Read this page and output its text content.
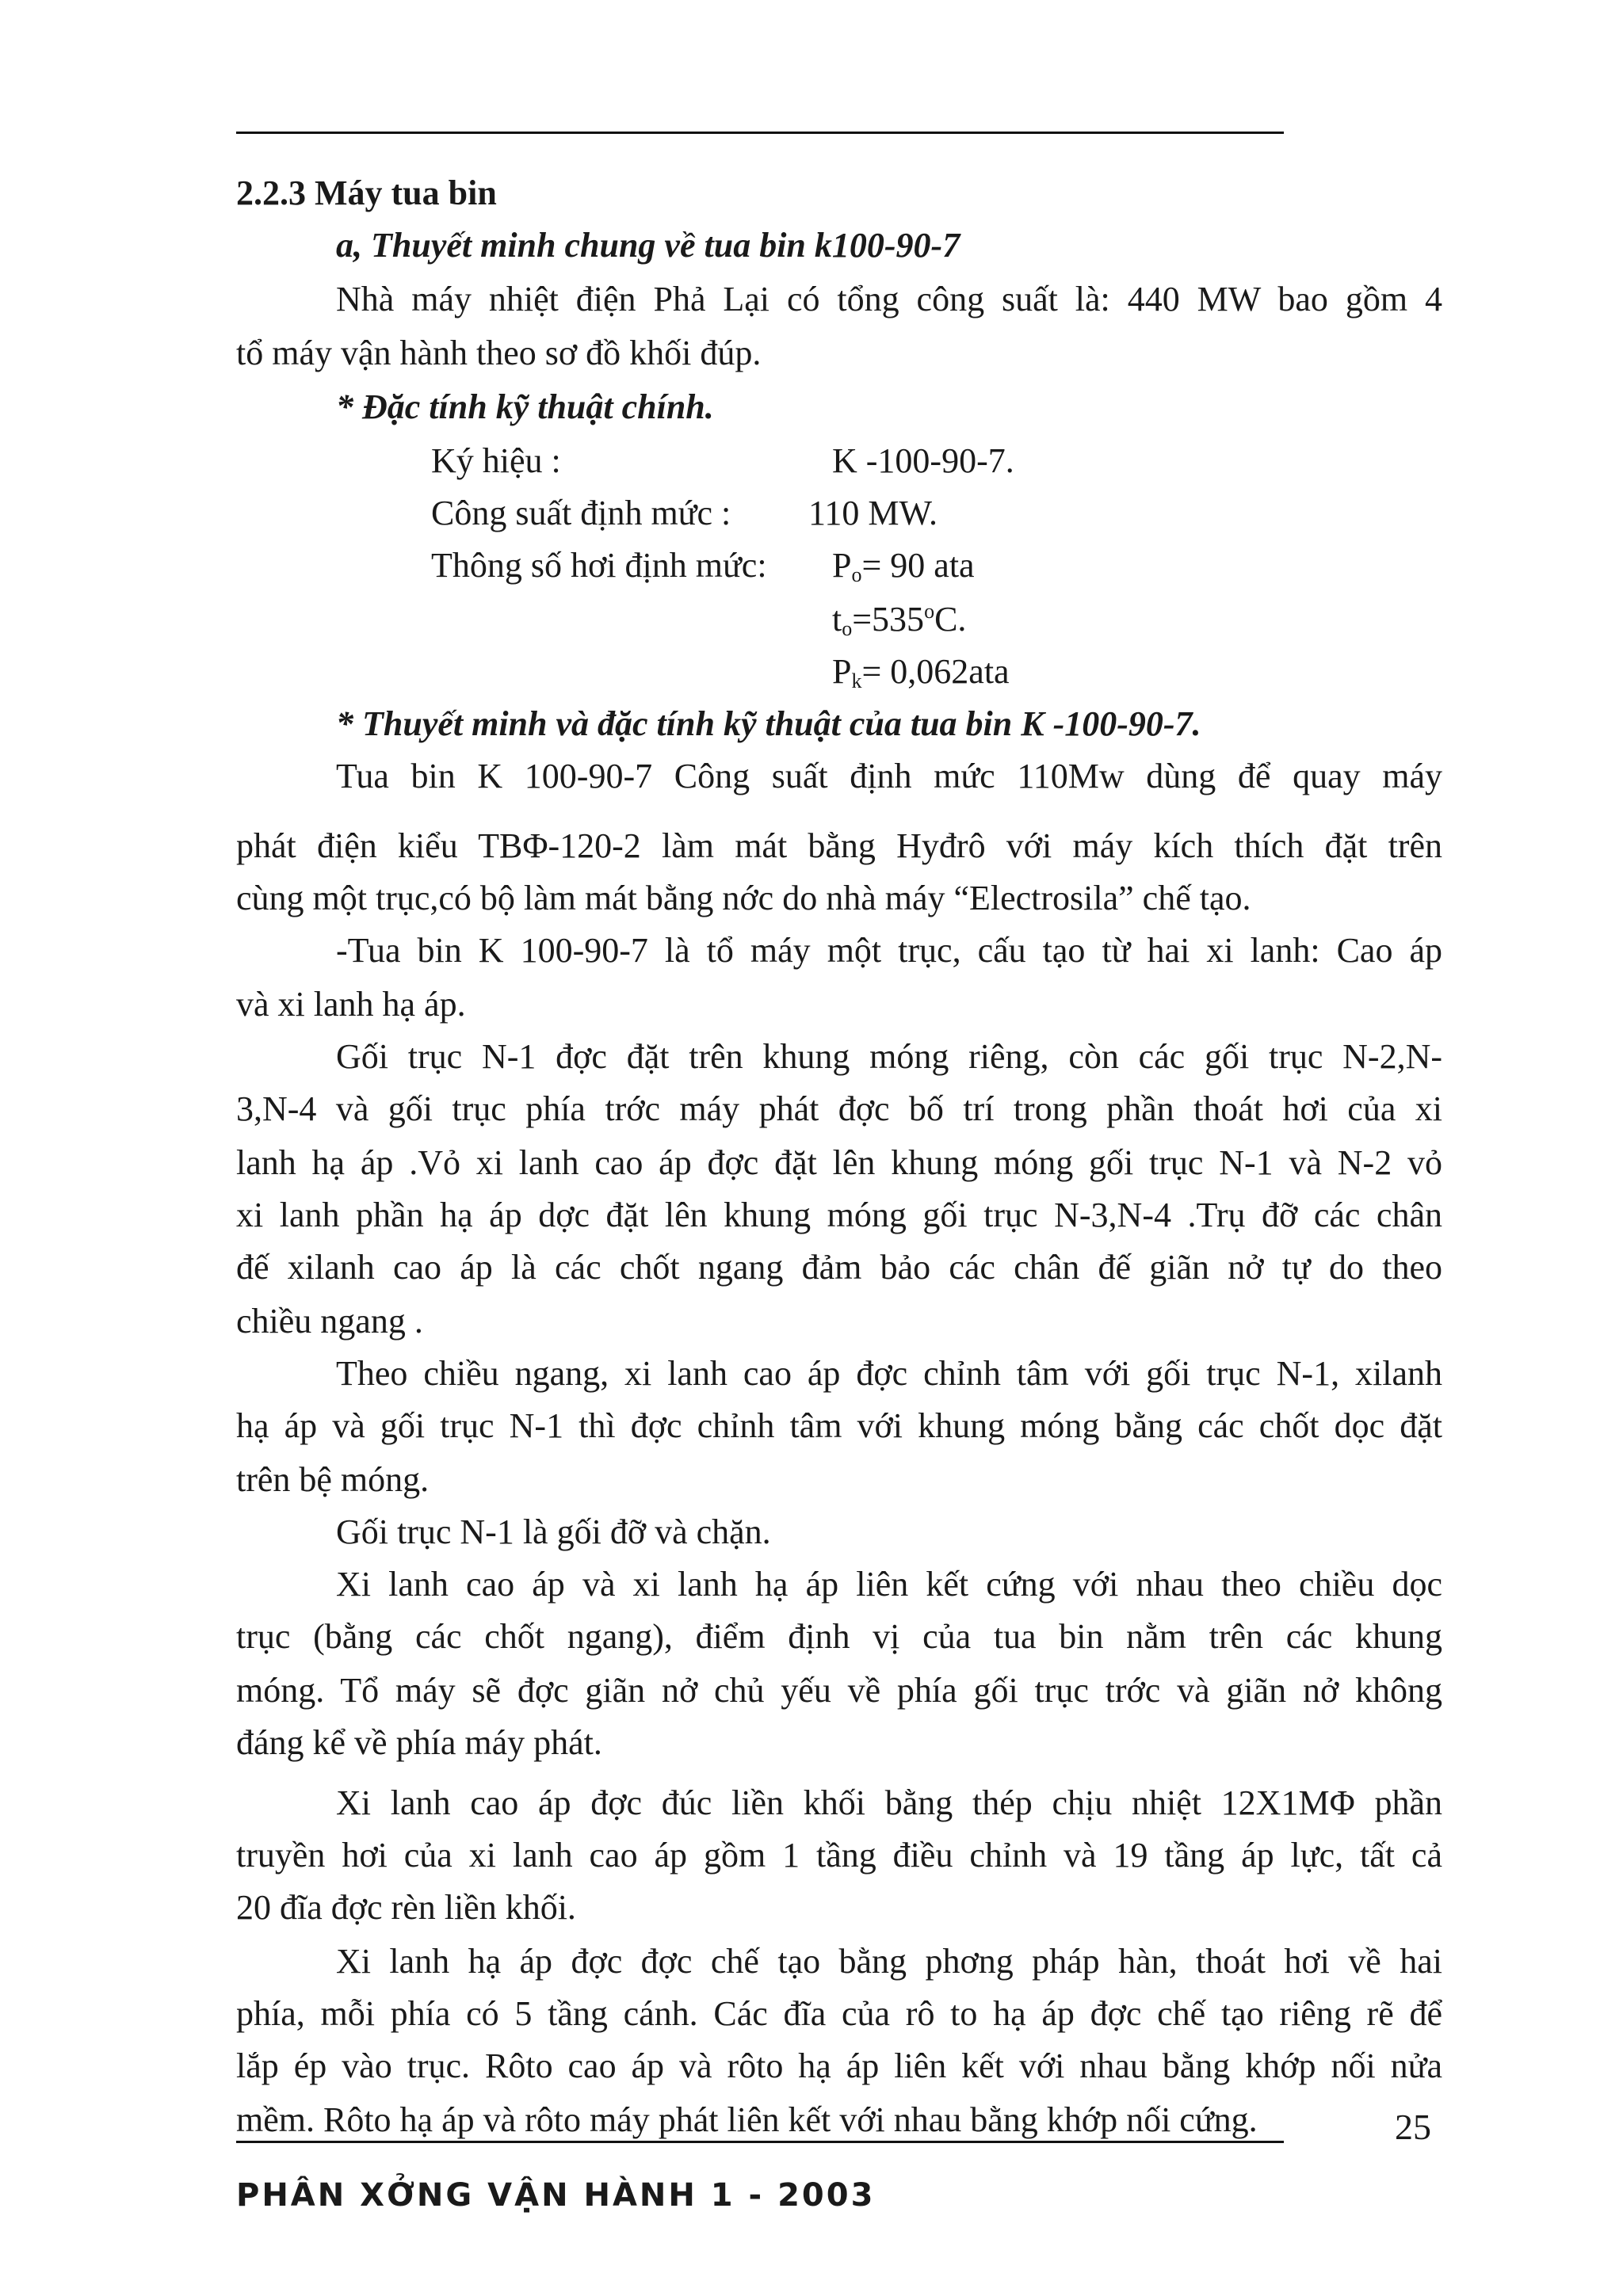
2.2.3 Máy tua bin
a, Thuyết minh chung về tua bin k100-90-7
Nhà máy nhiệt điện Phả Lại có tổng công suất là: 440 MW bao gồm 4
tổ máy vận hành theo sơ đồ khối đúp.
* Đặc tính kỹ thuật chính.
Ký hiệu :	K -100-90-7.
Công suất định mức : 110 MW.
Thông số hơi định mức: $P_o= 90$ ata
$t_o=535^oC$.
$P_k= 0,062ata$
* Thuyết minh và đặc tính kỹ thuật của tua bin K -100-90-7.
Tua bin K 100-90-7 Công suất định mức 110Mw dùng để quay máy
phát điện kiểu TBΦ-120-2 làm mát bằng Hyđrô với máy kích thích đặt trên
cùng một trục,có bộ làm mát bằng nớc do nhà máy “Electrosila” chế tạo.
-Tua bin K 100-90-7 là tổ máy một trục, cấu tạo từ hai xi lanh: Cao áp
và xi lanh hạ áp.
Gối trục N-1 đợc đặt trên khung móng riêng, còn các gối trục N-2,N-
3,N-4 và gối trục phía trớc máy phát đợc bố trí trong phần thoát hơi của xi
lanh hạ áp .Vỏ xi lanh cao áp đợc đặt lên khung móng gối trục N-1 và N-2 vỏ
xi lanh phần hạ áp dợc đặt lên khung móng gối trục N-3,N-4 .Trụ đỡ các chân
đế xilanh cao áp là các chốt ngang đảm bảo các chân đế giãn nở tự do theo
chiều ngang .
Theo chiều ngang, xi lanh cao áp đợc chỉnh tâm với gối trục N-1, xilanh
hạ áp và gối trục N-1 thì đợc chỉnh tâm với khung móng bằng các chốt dọc đặt
trên bệ móng.
Gối trục N-1 là gối đỡ và chặn.
Xi lanh cao áp và xi lanh hạ áp liên kết cứng với nhau theo chiều dọc
trục (bằng các chốt ngang), điểm định vị của tua bin nằm trên các khung
móng. Tổ máy sẽ đợc giãn nở chủ yếu về phía gối trục trớc và giãn nở không
đáng kể về phía máy phát.
Xi lanh cao áp đợc đúc liền khối bằng thép chịu nhiệt 12X1MΦ phần
truyền hơi của xi lanh cao áp gồm 1 tầng điều chỉnh và 19 tầng áp lực, tất cả
20 đĩa đợc rèn liền khối.
Xi lanh hạ áp đợc đợc chế tạo bằng phơng pháp hàn, thoát hơi về hai
phía, mỗi phía có 5 tầng cánh. Các đĩa của rô to hạ áp đợc chế tạo riêng rẽ để
lắp ép vào trục. Rôto cao áp và rôto hạ áp liên kết với nhau bằng khớp nối nửa
mềm. Rôto hạ áp và rôto máy phát liên kết với nhau bằng khớp nối cứng.	25
PHÂN XỞNG VẬN HÀNH 1 - 2003
